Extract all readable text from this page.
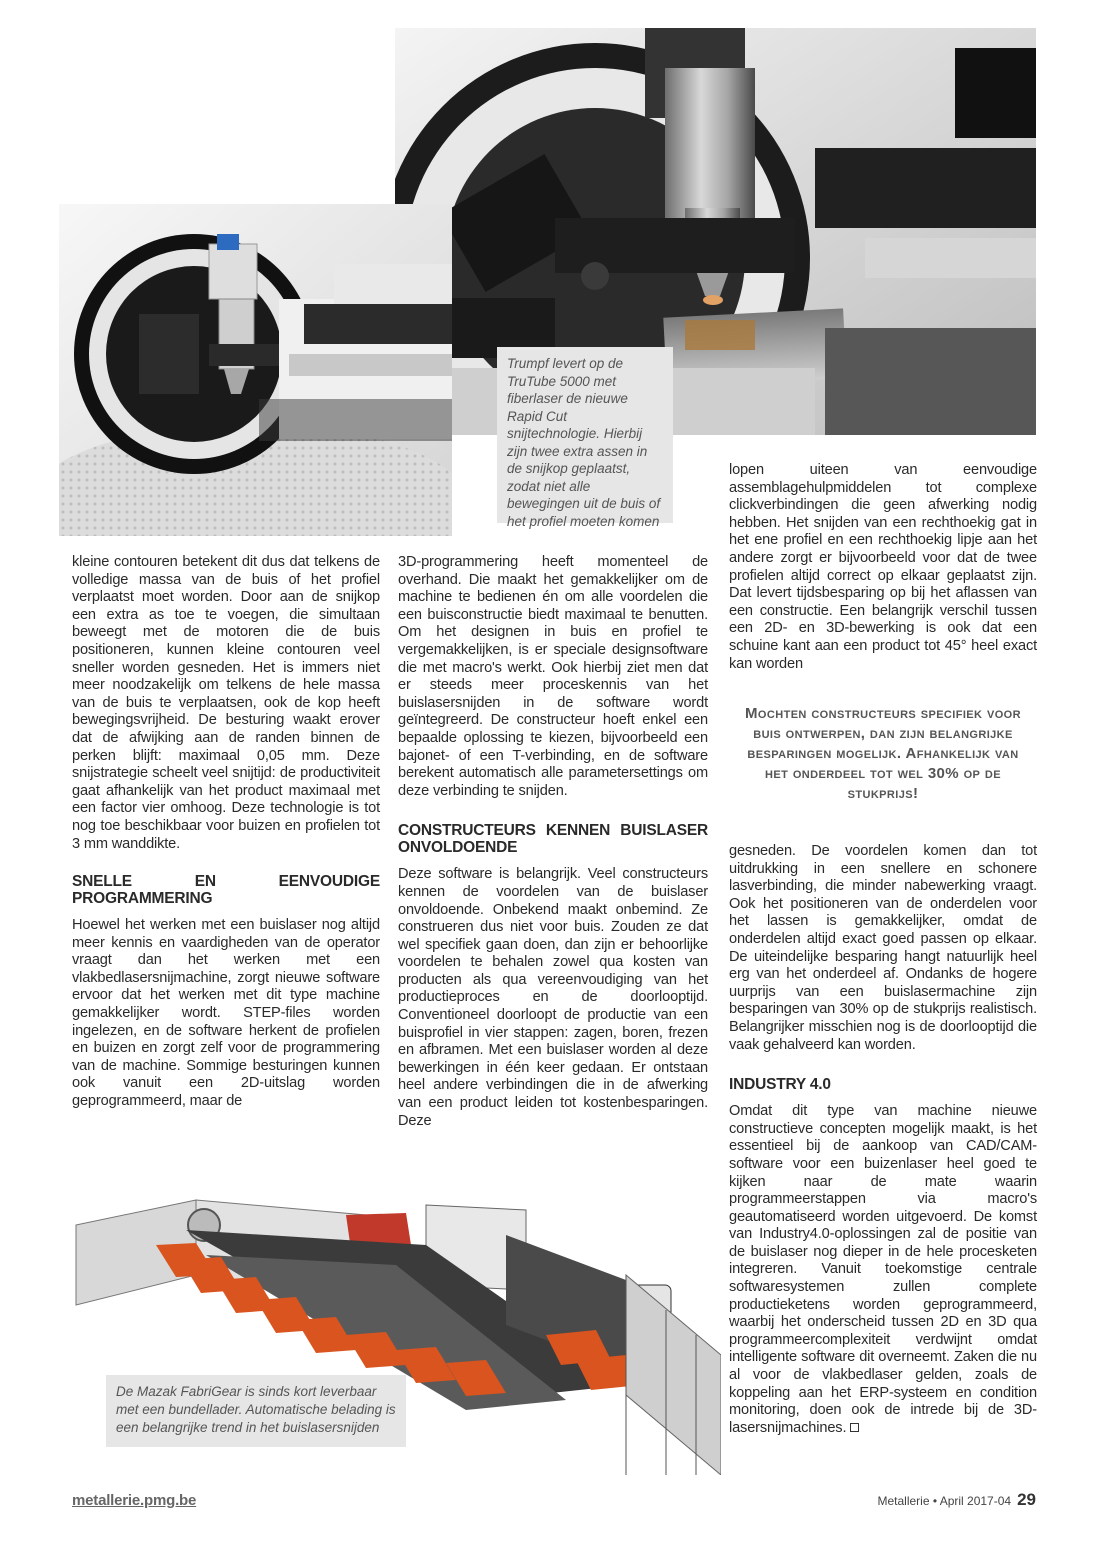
Trumpf levert op de TruTube 5000 met fiberlaser de nieuwe Rapid Cut snijtechnologie. Hierbij zijn twee extra assen in de snijkop geplaatst, zodat niet alle bewegingen uit de buis of het profiel moeten komen

kleine contouren betekent dit dus dat telkens de volledige massa van de buis of het profiel verplaatst moet worden. Door aan de snijkop een extra as toe te voegen, die simultaan beweegt met de motoren die de buis positioneren, kunnen kleine contouren veel sneller worden gesneden. Het is immers niet meer noodzakelijk om telkens de hele massa van de buis te verplaatsen, ook de kop heeft bewegingsvrijheid. De besturing waakt erover dat de afwijking aan de randen binnen de perken blijft: maximaal 0,05 mm. Deze snijstrategie scheelt veel snijtijd: de productiviteit gaat afhankelijk van het product maximaal met een factor vier omhoog. Deze technologie is tot nog toe beschikbaar voor buizen en profielen tot 3 mm wanddikte.

SNELLE EN EENVOUDIGE PROGRAMMERING

Hoewel het werken met een buislaser nog altijd meer kennis en vaardigheden van de operator vraagt dan het werken met een vlakbedlasersnijmachine, zorgt nieuwe software ervoor dat het werken met dit type machine gemakkelijker wordt. STEP-files worden ingelezen, en de software herkent de profielen en buizen en zorgt zelf voor de programmering van de machine. Sommige besturingen kunnen ook vanuit een 2D-uitslag worden geprogrammeerd, maar de

3D-programmering heeft momenteel de overhand. Die maakt het gemakkelijker om de machine te bedienen én om alle voordelen die een buisconstructie biedt maximaal te benutten. Om het designen in buis en profiel te vergemakkelijken, is er speciale designsoftware die met macro's werkt. Ook hierbij ziet men dat er steeds meer proceskennis van het buislasersnijden in de software wordt geïntegreerd. De constructeur hoeft enkel een bepaalde oplossing te kiezen, bijvoorbeeld een bajonet- of een T-verbinding, en de software berekent automatisch alle parametersettings om deze verbinding te snijden.

CONSTRUCTEURS KENNEN BUISLASER ONVOLDOENDE

Deze software is belangrijk. Veel constructeurs kennen de voordelen van de buislaser onvoldoende. Onbekend maakt onbemind. Ze construeren dus niet voor buis. Zouden ze dat wel specifiek gaan doen, dan zijn er behoorlijke voordelen te behalen zowel qua kosten van producten als qua vereenvoudiging van het productieproces en de doorlooptijd. Conventioneel doorloopt de productie van een buisprofiel in vier stappen: zagen, boren, frezen en afbramen. Met een buislaser worden al deze bewerkingen in één keer gedaan. Er ontstaan heel andere verbindingen die in de afwerking van een product leiden tot kostenbesparingen. Deze

lopen uiteen van eenvoudige assemblagehulpmiddelen tot complexe clickverbindingen die geen afwerking nodig hebben. Het snijden van een rechthoekig gat in het ene profiel en een rechthoekig lipje aan het andere zorgt er bijvoorbeeld voor dat de twee profielen altijd correct op elkaar geplaatst zijn. Dat levert tijdsbesparing op bij het aflassen van een constructie. Een belangrijk verschil tussen een 2D- en 3D-bewerking is ook dat een schuine kant aan een product tot 45° heel exact kan worden

Mochten constructeurs specifiek voor buis ontwerpen, dan zijn belangrijke besparingen mogelijk. Afhankelijk van het onderdeel tot wel 30% op de stukprijs!

gesneden. De voordelen komen dan tot uitdrukking in een snellere en schonere lasverbinding, die minder nabewerking vraagt. Ook het positioneren van de onderdelen voor het lassen is gemakkelijker, omdat de onderdelen altijd exact goed passen op elkaar. De uiteindelijke besparing hangt natuurlijk heel erg van het onderdeel af. Ondanks de hogere uurprijs van een buislasermachine zijn besparingen van 30% op de stukprijs realistisch. Belangrijker misschien nog is de doorlooptijd die vaak gehalveerd kan worden.

INDUSTRY 4.0

Omdat dit type van machine nieuwe constructieve concepten mogelijk maakt, is het essentieel bij de aankoop van CAD/CAM-software voor een buizenlaser heel goed te kijken naar de mate waarin programmeerstappen via macro's geautomatiseerd worden uitgevoerd. De komst van Industry4.0-oplossingen zal de positie van de buislaser nog dieper in de hele procesketen integreren. Vanuit toekomstige centrale softwaresystemen zullen complete productieketens worden geprogrammeerd, waarbij het onderscheid tussen 2D en 3D qua programmeercomplexiteit verdwijnt omdat intelligente software dit overneemt. Zaken die nu al voor de vlakbedlaser gelden, zoals de koppeling aan het ERP-systeem en condition monitoring, doen ook de intrede bij de 3D-lasersnijmachines.

De Mazak FabriGear is sinds kort leverbaar met een bundellader. Automatische belading is een belangrijke trend in het buislasersnijden
metallerie.pmg.be	Metallerie • April 2017-04 29
